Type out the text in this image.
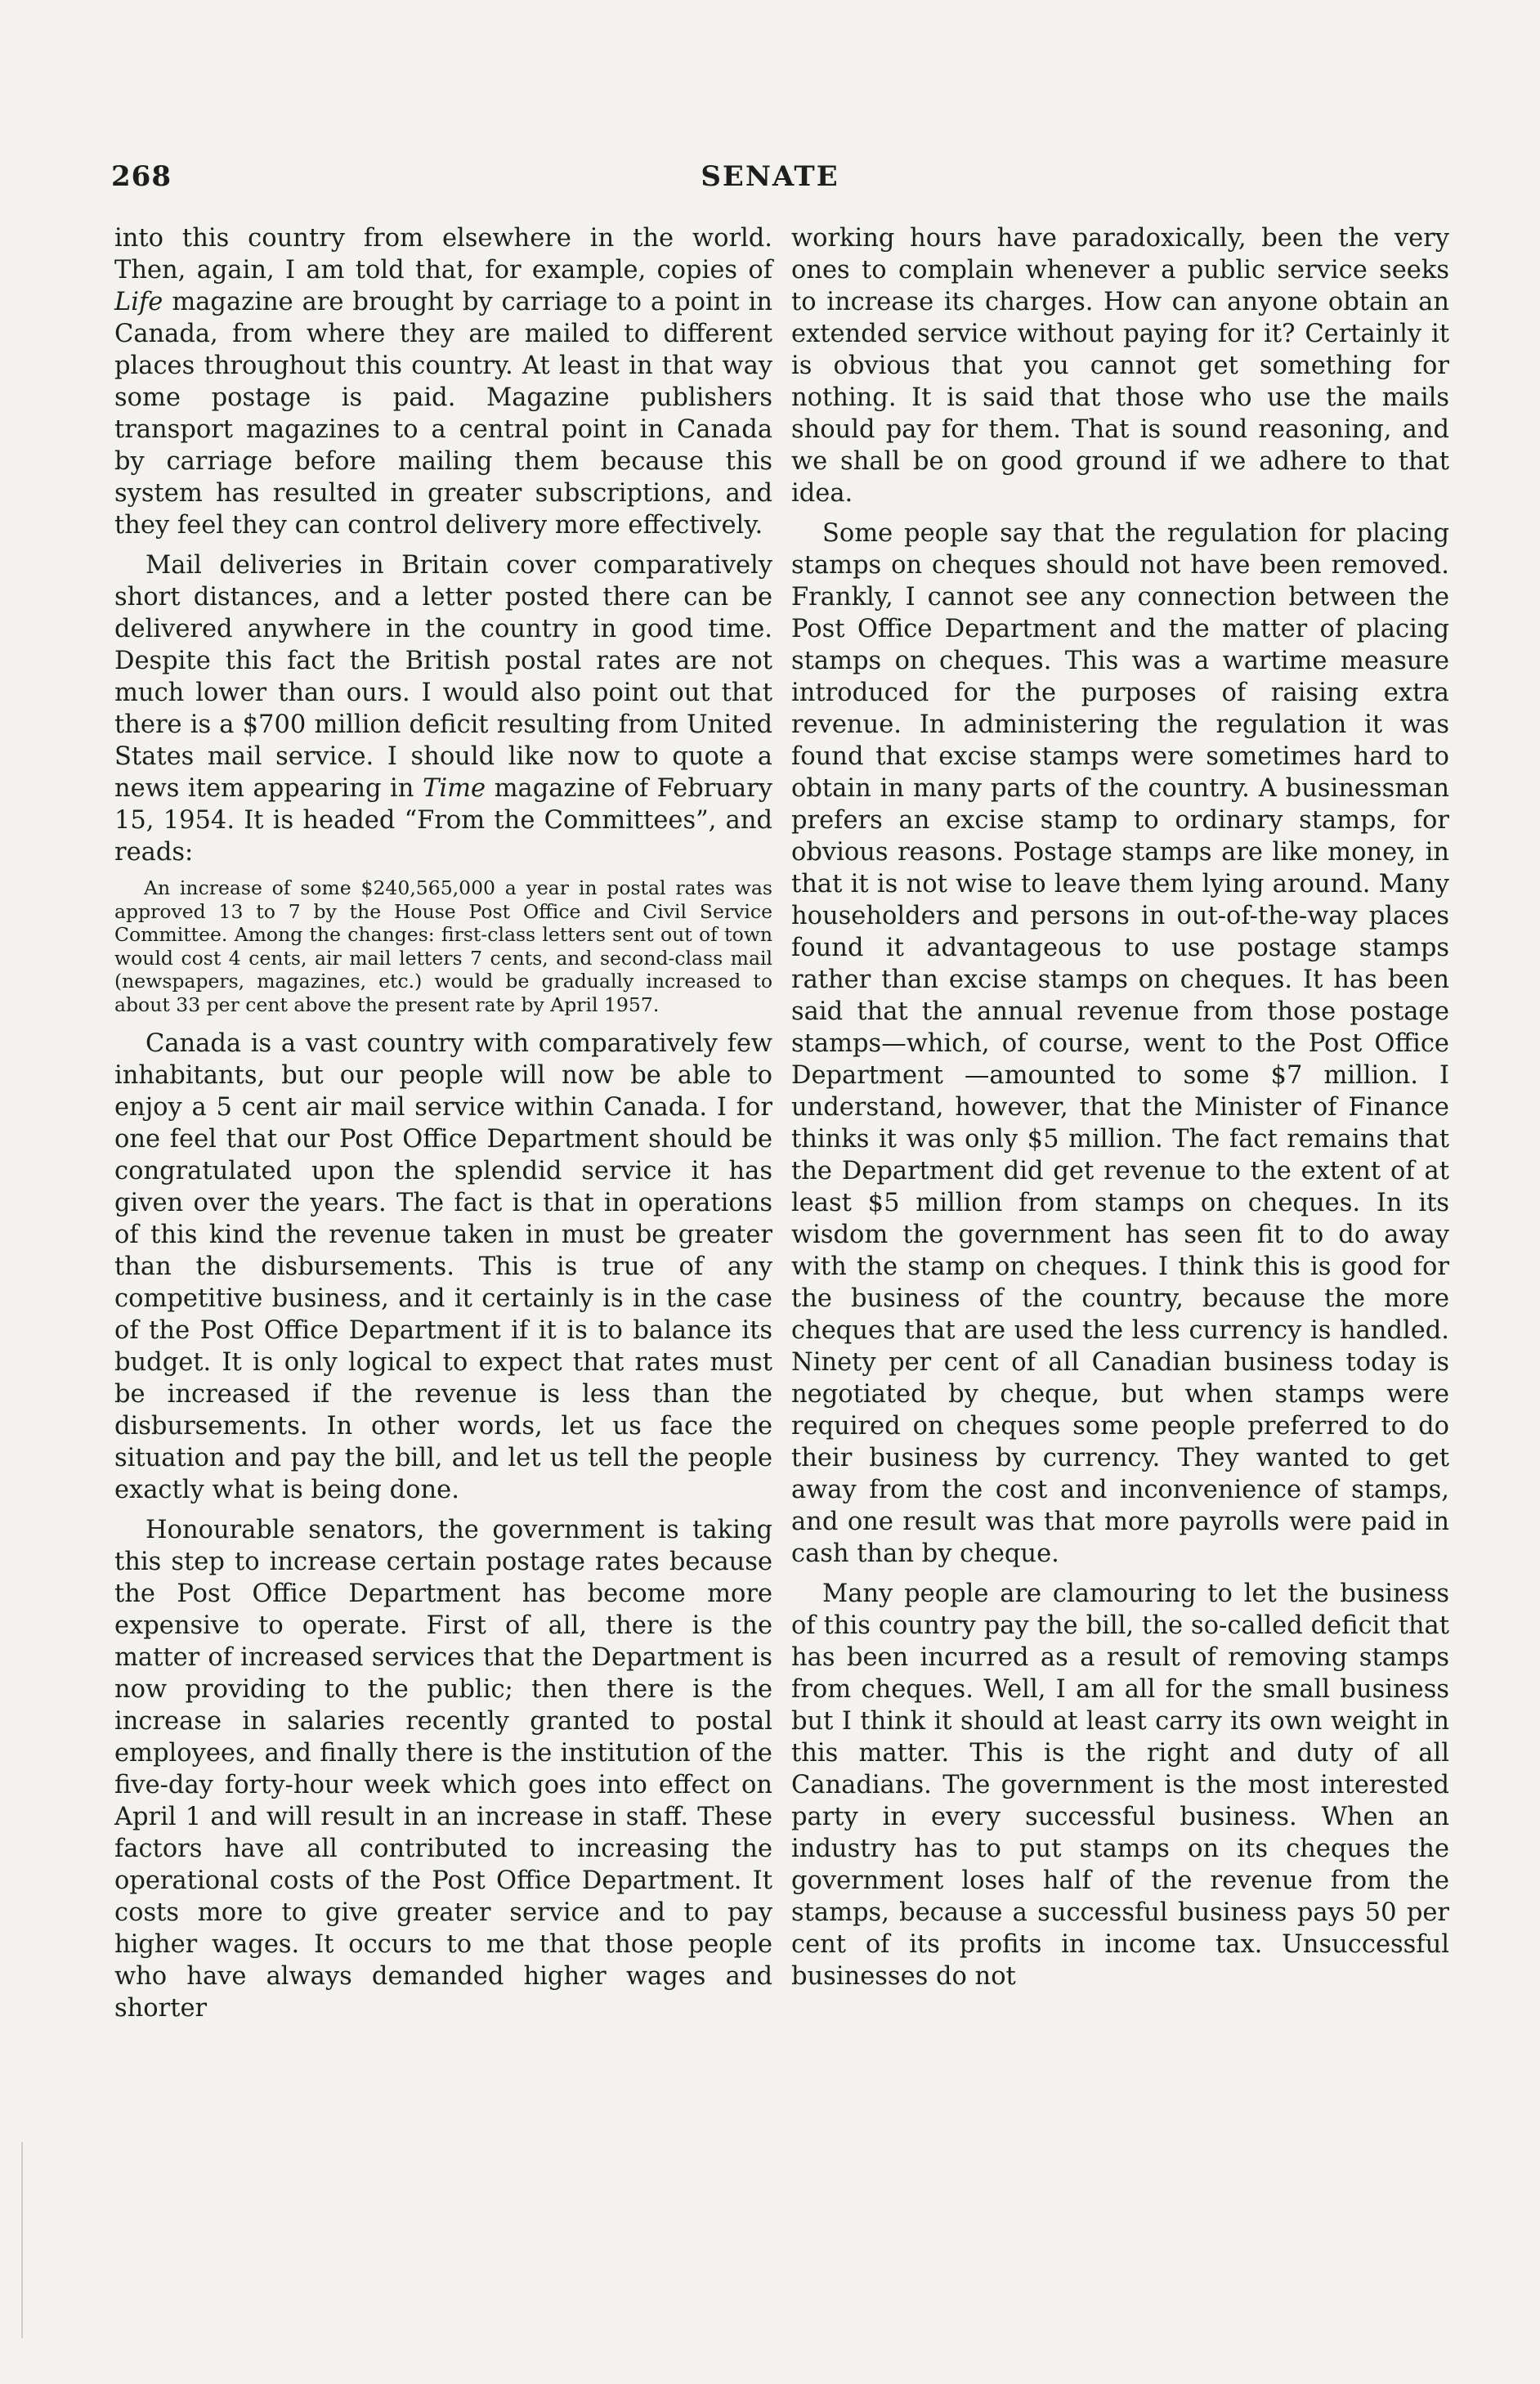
268	SENATE

into this country from elsewhere in the world. Then, again, I am told that, for example, copies of Life magazine are brought by carriage to a point in Canada, from where they are mailed to different places throughout this country. At least in that way some postage is paid. Magazine publishers transport magazines to a central point in Canada by carriage before mailing them because this system has resulted in greater subscriptions, and they feel they can control delivery more effectively.

Mail deliveries in Britain cover comparatively short distances, and a letter posted there can be delivered anywhere in the country in good time. Despite this fact the British postal rates are not much lower than ours. I would also point out that there is a $700 million deficit resulting from United States mail service. I should like now to quote a news item appearing in Time magazine of February 15, 1954. It is headed “From the Committees”, and reads:

An increase of some $240,565,000 a year in postal rates was approved 13 to 7 by the House Post Office and Civil Service Committee. Among the changes: first-class letters sent out of town would cost 4 cents, air mail letters 7 cents, and second-class mail (newspapers, magazines, etc.) would be gradually increased to about 33 per cent above the present rate by April 1957.

Canada is a vast country with comparatively few inhabitants, but our people will now be able to enjoy a 5 cent air mail service within Canada. I for one feel that our Post Office Department should be congratulated upon the splendid service it has given over the years. The fact is that in operations of this kind the revenue taken in must be greater than the disbursements. This is true of any competitive business, and it certainly is in the case of the Post Office Department if it is to balance its budget. It is only logical to expect that rates must be increased if the revenue is less than the disbursements. In other words, let us face the situation and pay the bill, and let us tell the people exactly what is being done.

Honourable senators, the government is taking this step to increase certain postage rates because the Post Office Department has become more expensive to operate. First of all, there is the matter of increased services that the Department is now providing to the public; then there is the increase in salaries recently granted to postal employees, and finally there is the institution of the five-day forty-hour week which goes into effect on April 1 and will result in an increase in staff. These factors have all contributed to increasing the operational costs of the Post Office Department. It costs more to give greater service and to pay higher wages. It occurs to me that those people who have always demanded higher wages and shorter

working hours have paradoxically, been the very ones to complain whenever a public service seeks to increase its charges. How can anyone obtain an extended service without paying for it? Certainly it is obvious that you cannot get something for nothing. It is said that those who use the mails should pay for them. That is sound reasoning, and we shall be on good ground if we adhere to that idea.

Some people say that the regulation for placing stamps on cheques should not have been removed. Frankly, I cannot see any connection between the Post Office Department and the matter of placing stamps on cheques. This was a wartime measure introduced for the purposes of raising extra revenue. In administering the regulation it was found that excise stamps were sometimes hard to obtain in many parts of the country. A businessman prefers an excise stamp to ordinary stamps, for obvious reasons. Postage stamps are like money, in that it is not wise to leave them lying around. Many householders and persons in out-of-the-way places found it advantageous to use postage stamps rather than excise stamps on cheques. It has been said that the annual revenue from those postage stamps—which, of course, went to the Post Office Department —amounted to some $7 million. I understand, however, that the Minister of Finance thinks it was only $5 million. The fact remains that the Department did get revenue to the extent of at least $5 million from stamps on cheques. In its wisdom the government has seen fit to do away with the stamp on cheques. I think this is good for the business of the country, because the more cheques that are used the less currency is handled. Ninety per cent of all Canadian business today is negotiated by cheque, but when stamps were required on cheques some people preferred to do their business by currency. They wanted to get away from the cost and inconvenience of stamps, and one result was that more payrolls were paid in cash than by cheque.

Many people are clamouring to let the business of this country pay the bill, the so-called deficit that has been incurred as a result of removing stamps from cheques. Well, I am all for the small business but I think it should at least carry its own weight in this matter. This is the right and duty of all Canadians. The government is the most interested party in every successful business. When an industry has to put stamps on its cheques the government loses half of the revenue from the stamps, because a successful business pays 50 per cent of its profits in income tax. Unsuccessful businesses do not
